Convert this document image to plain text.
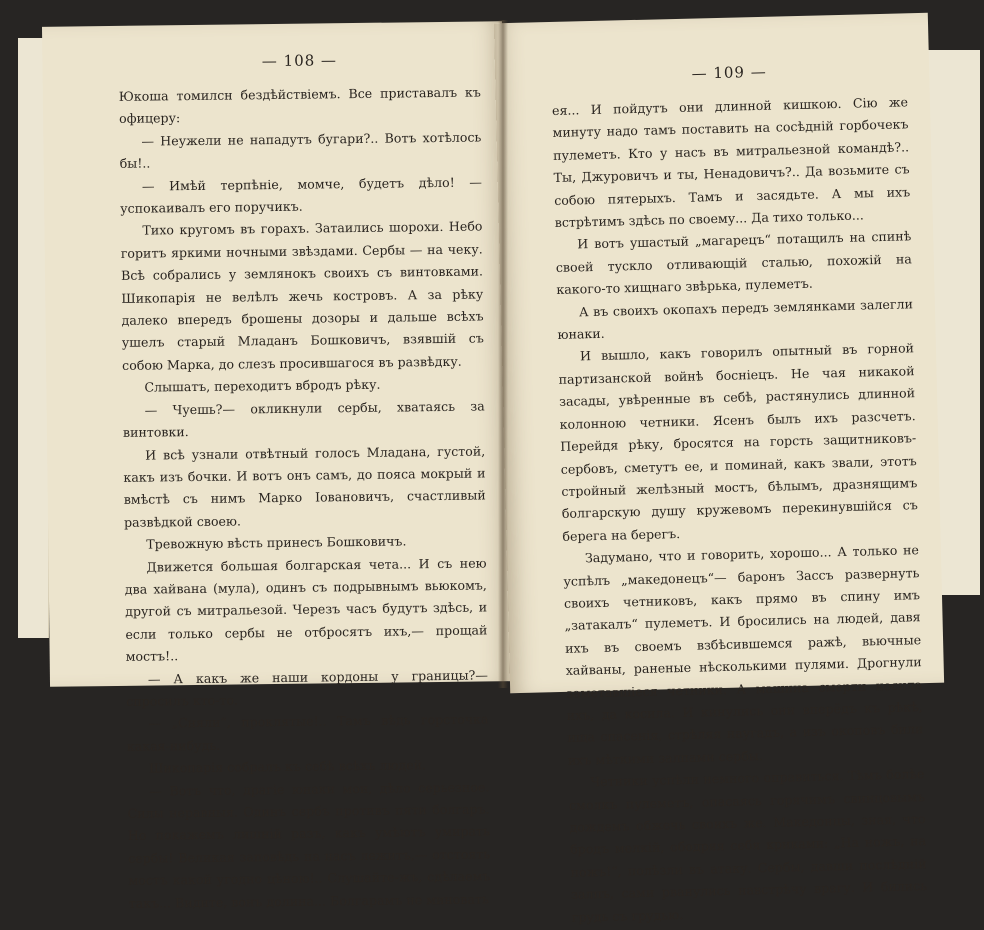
— 108 —

Юкоша томилсн бездѣйствіемъ. Все приставалъ къ офицеру:

— Неужели не нападутъ бугари?.. Вотъ хотѣлось бы!..

— Имѣй терпѣніе, момче, будетъ дѣло! — успокаивалъ его поручикъ.

Тихо кругомъ въ горахъ. Затаились шорохи. Небо горитъ яркими ночными звѣздами. Сербы — на чеку. Всѣ собрались у землянокъ своихъ съ винтовками. Шикопарія не велѣлъ жечь костровъ. А за рѣку далеко впередъ брошены дозоры и дальше всѣхъ ушелъ старый Младанъ Бошковичъ, взявшій съ собою Марка, до слезъ просившагося въ развѣдку.

Слышатъ, переходитъ вбродъ рѣку.

— Чуешь?— окликнули сербы, хватаясь за винтовки.

И всѣ узнали отвѣтный голосъ Младана, густой, какъ изъ бочки. И вотъ онъ самъ, до пояса мокрый и вмѣстѣ съ нимъ Марко Іовановичъ, счастливый развѣдкой своею.

Тревожную вѣсть принесъ Бошковичъ.

Движется большая болгарская чета... И съ нею два хайвана (мула), одинъ съ подрывнымъ вьюкомъ, другой съ митральезой. Черезъ часъ будутъ здѣсь, и если только сербы не отбросятъ ихъ,— прощай мостъ!..

— А какъ же наши кордоны у границы?— спросилъ кто-то.

— „Сняли“, проклятые!.. Тамъ вѣдь горсточка какая-нибудь.

Шикопарія собралъ къ себѣ всѣхъ людей.

— Вотъ что, драгіе юнаки мои, дѣло серьезное. Силы неравныя. Одинъ сербъ противъ пяти болгаръ. Но покажемъ лишній разъ, какъ умѣютъ умирать сербы! Великая заповѣдь на насъ лежитъ,— отстоять мостъ какой угодно цѣною!.. Слушайте-жъ, сдѣлаемъ такъ... Видите, вонъ долина... Болгарамъ не миновать

— 109 —

ея... И пойдутъ они длинной кишкою. Сію же минуту надо тамъ поставить на сосѣдній горбочекъ пулеметъ. Кто у насъ въ митральезной командѣ?.. Ты, Джуровичъ и ты, Ненадовичъ?.. Да возьмите съ собою пятерыхъ. Тамъ и засядьте. А мы ихъ встрѣтимъ здѣсь по своему... Да тихо только...

И вотъ ушастый „магарецъ“ потащилъ на спинѣ своей тускло отливающій сталью, похожій на какого-то хищнаго звѣрька, пулеметъ.

А въ своихъ окопахъ передъ землянками залегли юнаки.

И вышло, какъ говорилъ опытный въ горной партизанской войнѣ боснiецъ. Не чая никакой засады, увѣренные въ себѣ, растянулись длинной колонною четники. Ясенъ былъ ихъ разсчетъ. Перейдя рѣку, бросятся на горсть защитниковъ-сербовъ, сметутъ ее, и поминай, какъ звали, этотъ стройный желѣзный мостъ, бѣлымъ, дразнящимъ болгарскую душу кружевомъ перекинувшійся съ берега на берегъ.

Задумано, что и говорить, хорошо... А только не успѣлъ „македонецъ“— баронъ Зассъ развернуть своихъ четниковъ, какъ прямо въ спину имъ „затакалъ“ пулеметъ. И бросились на людей, давя ихъ въ своемъ взбѣсившемся ражѣ, вьючные хайваны, раненые нѣсколькими пулями. Дрогнули заметавшіеся четники. А машина смерти косила ихъ, да косила. И кинулись они вперёдъ къ рѣкѣ, ища спасенія, стрѣляя наугадъ, а изъ окоповъ били ихъ мѣткими залпами сербы.

Четники успѣли немного оправиться. Тѣмъ болѣе смолкъ пулеметъ, опасаясь горячимъ свинцовымъ дождемъ обжечь своихъ же. Македонцы, зная, что бродъ мелкій, ободряя себя криками: „На ножъ, на ножъ!“, полѣзли въ атаку. Сербы, давши послѣдній залпъ, сами рванулись навстрѣчу врагу. И бились грудь съ грудью.
